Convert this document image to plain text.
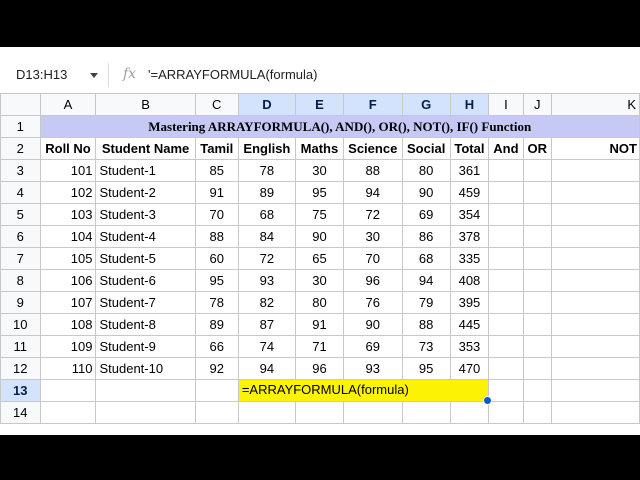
D13:H13	fx '=ARRAYFORMULA(formula)
	A	B	C	D	E	F	G	H	I	J	K
1	Mastering ARRAYFORMULA(), AND(), OR(), NOT(), IF() Function										
2	Roll No	Student Name	Tamil	English	Maths	Science	Social	Total	And	OR	NOT
3	101	Student-1	85	78	30	88	80	361			
4	102	Student-2	91	89	95	94	90	459			
5	103	Student-3	70	68	75	72	69	354			
6	104	Student-4	88	84	90	30	86	378			
7	105	Student-5	60	72	65	70	68	335			
8	106	Student-6	95	93	30	96	94	408			
9	107	Student-7	78	82	80	76	79	395			
10	108	Student-8	89	87	91	90	88	445			
11	109	Student-9	66	74	71	69	73	353			
12	110	Student-10	92	94	96	93	95	470			
13				=ARRAYFORMULA(formula)							

14											
